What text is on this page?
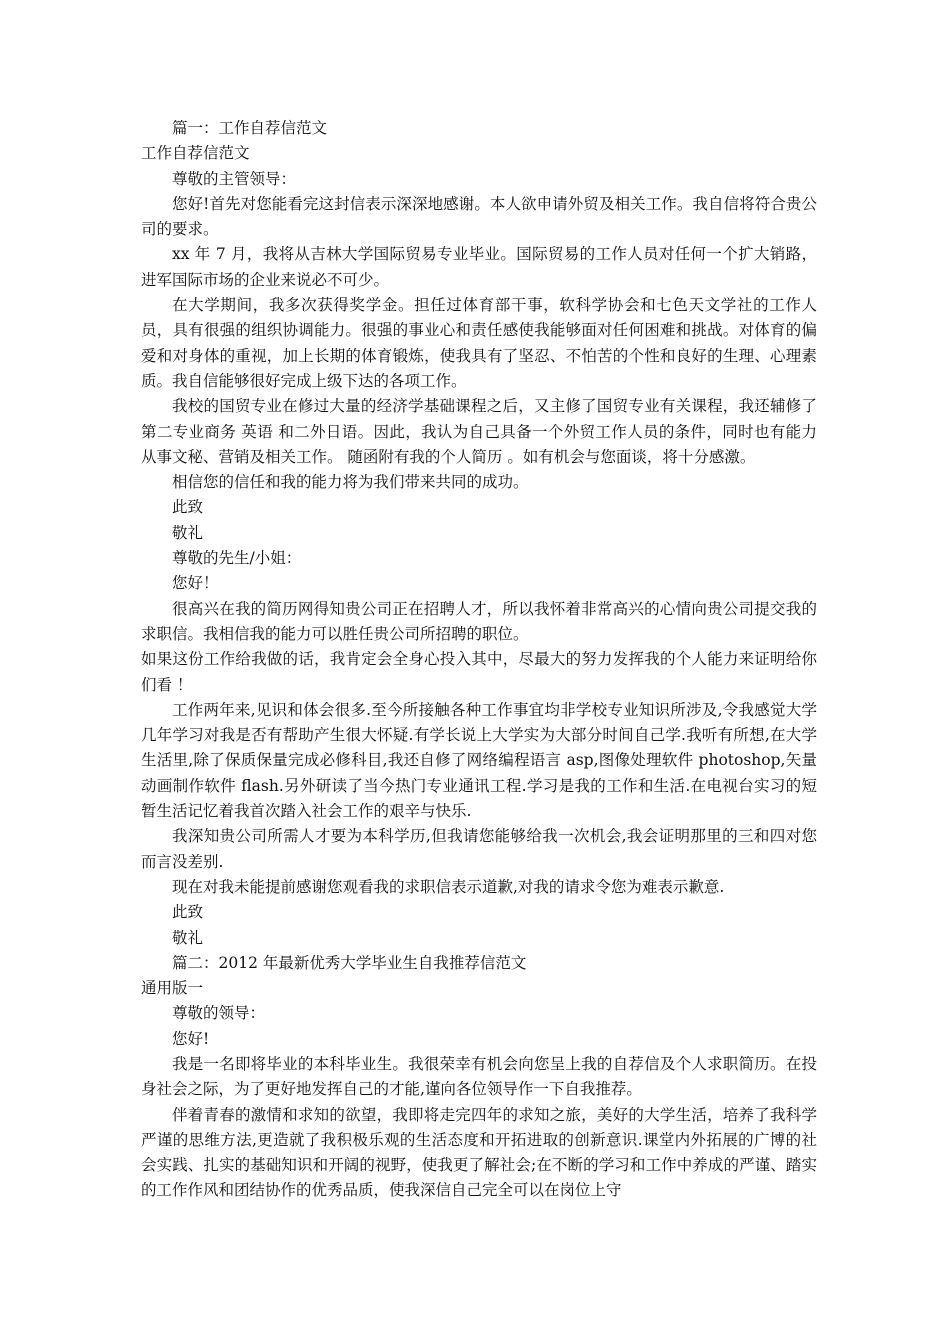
篇一：工作自荐信范文

工作自荐信范文

尊敬的主管领导：

您好!首先对您能看完这封信表示深深地感谢。本人欲申请外贸及相关工作。我自信将符合贵公司的要求。

xx 年 7 月，我将从吉林大学国际贸易专业毕业。国际贸易的工作人员对任何一个扩大销路，进军国际市场的企业来说必不可少。

在大学期间，我多次获得奖学金。担任过体育部干事，软科学协会和七色天文学社的工作人员，具有很强的组织协调能力。很强的事业心和责任感使我能够面对任何困难和挑战。对体育的偏爱和对身体的重视，加上长期的体育锻炼，使我具有了坚忍、不怕苦的个性和良好的生理、心理素质。我自信能够很好完成上级下达的各项工作。

我校的国贸专业在修过大量的经济学基础课程之后，又主修了国贸专业有关课程，我还辅修了第二专业商务 英语 和二外日语。因此，我认为自己具备一个外贸工作人员的条件，同时也有能力从事文秘、营销及相关工作。 随函附有我的个人简历 。如有机会与您面谈，将十分感激。

相信您的信任和我的能力将为我们带来共同的成功。

此致

敬礼

尊敬的先生/小姐：

您好！

很高兴在我的简历网得知贵公司正在招聘人才，所以我怀着非常高兴的心情向贵公司提交我的求职信。我相信我的能力可以胜任贵公司所招聘的职位。

如果这份工作给我做的话，我肯定会全身心投入其中，尽最大的努力发挥我的个人能力来证明给你们看 ！

工作两年来,见识和体会很多.至今所接触各种工作事宜均非学校专业知识所涉及,令我感觉大学几年学习对我是否有帮助产生很大怀疑.有学长说上大学实为大部分时间自己学.我听有所想,在大学生活里,除了保质保量完成必修科目,我还自修了网络编程语言 asp,图像处理软件 photoshop,矢量动画制作软件 flash.另外研读了当今热门专业通讯工程.学习是我的工作和生活.在电视台实习的短暂生活记忆着我首次踏入社会工作的艰辛与快乐.

我深知贵公司所需人才要为本科学历,但我请您能够给我一次机会,我会证明那里的三和四对您而言没差别.

现在对我未能提前感谢您观看我的求职信表示道歉,对我的请求令您为难表示歉意.

此致

敬礼

篇二：2012 年最新优秀大学毕业生自我推荐信范文

通用版一

尊敬的领导：

您好!

我是一名即将毕业的本科毕业生。我很荣幸有机会向您呈上我的自荐信及个人求职简历。在投身社会之际，为了更好地发挥自己的才能,谨向各位领导作一下自我推荐。

伴着青春的激情和求知的欲望，我即将走完四年的求知之旅，美好的大学生活，培养了我科学严谨的思维方法,更造就了我积极乐观的生活态度和开拓进取的创新意识.课堂内外拓展的广博的社会实践、扎实的基础知识和开阔的视野，使我更了解社会;在不断的学习和工作中养成的严谨、踏实的工作作风和团结协作的优秀品质，使我深信自己完全可以在岗位上守
